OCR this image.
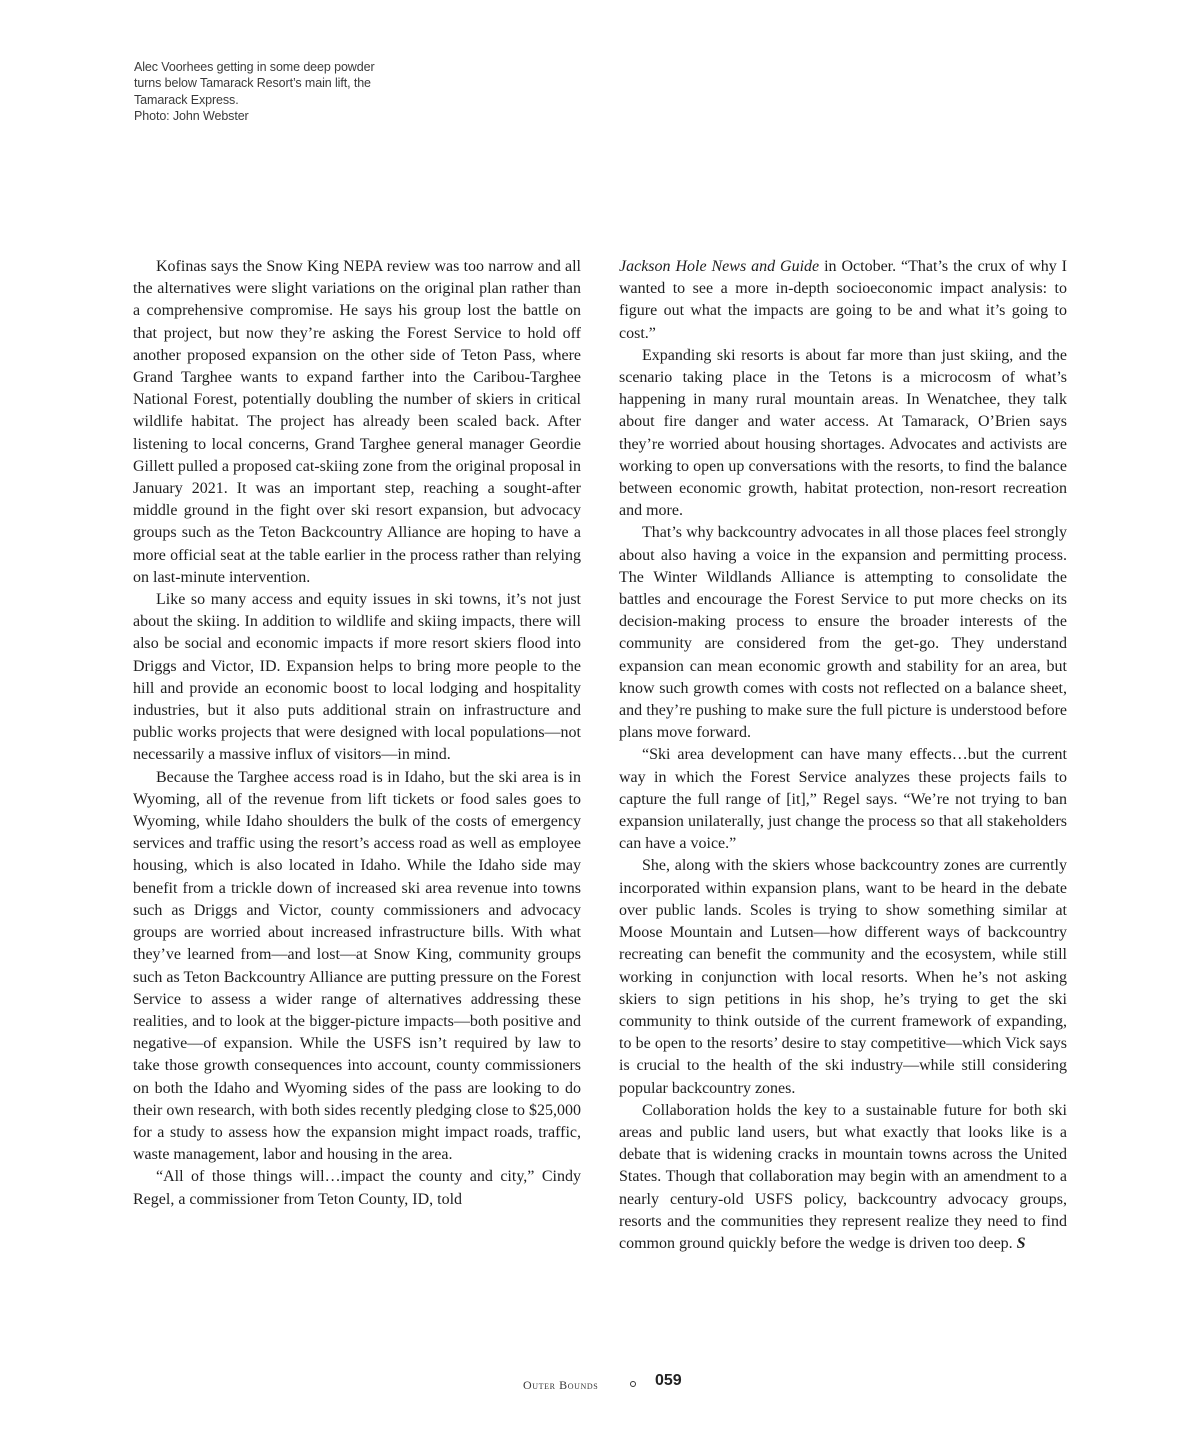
Alec Voorhees getting in some deep powder
turns below Tamarack Resort’s main lift, the
Tamarack Express.
Photo: John Webster

Kofinas says the Snow King NEPA review was too narrow and all the alternatives were slight variations on the original plan rather than a comprehensive compromise. He says his group lost the battle on that project, but now they’re asking the Forest Service to hold off another proposed expansion on the other side of Teton Pass, where Grand Targhee wants to expand farther into the Caribou-Targhee National Forest, potentially doubling the number of skiers in critical wildlife habitat. The project has already been scaled back. After listening to local concerns, Grand Targhee general manager Geordie Gillett pulled a proposed cat-skiing zone from the original proposal in January 2021. It was an important step, reaching a sought-after middle ground in the fight over ski resort expansion, but advocacy groups such as the Teton Backcountry Alliance are hoping to have a more official seat at the table earlier in the process rather than relying on last-minute intervention.

Like so many access and equity issues in ski towns, it’s not just about the skiing. In addition to wildlife and skiing impacts, there will also be social and economic impacts if more resort skiers flood into Driggs and Victor, ID. Expansion helps to bring more people to the hill and provide an economic boost to local lodging and hospitality industries, but it also puts additional strain on infrastructure and public works projects that were designed with local populations—not necessarily a massive influx of visitors—in mind.

Because the Targhee access road is in Idaho, but the ski area is in Wyoming, all of the revenue from lift tickets or food sales goes to Wyoming, while Idaho shoulders the bulk of the costs of emergency services and traffic using the resort’s access road as well as employee housing, which is also located in Idaho. While the Idaho side may benefit from a trickle down of increased ski area revenue into towns such as Driggs and Victor, county commissioners and advocacy groups are worried about increased infrastructure bills. With what they’ve learned from—and lost—at Snow King, community groups such as Teton Backcountry Alliance are putting pressure on the Forest Service to assess a wider range of alternatives addressing these realities, and to look at the bigger-picture impacts—both positive and negative—of expansion. While the USFS isn’t required by law to take those growth consequences into account, county commissioners on both the Idaho and Wyoming sides of the pass are looking to do their own research, with both sides recently pledging close to $25,000 for a study to assess how the expansion might impact roads, traffic, waste management, labor and housing in the area.

“All of those things will…impact the county and city,” Cindy Regel, a commissioner from Teton County, ID, told

Jackson Hole News and Guide in October. “That’s the crux of why I wanted to see a more in-depth socioeconomic impact analysis: to figure out what the impacts are going to be and what it’s going to cost.”

Expanding ski resorts is about far more than just skiing, and the scenario taking place in the Tetons is a microcosm of what’s happening in many rural mountain areas. In Wenatchee, they talk about fire danger and water access. At Tamarack, O’Brien says they’re worried about housing shortages. Advocates and activists are working to open up conversations with the resorts, to find the balance between economic growth, habitat protection, non-resort recreation and more.

That’s why backcountry advocates in all those places feel strongly about also having a voice in the expansion and permitting process. The Winter Wildlands Alliance is attempting to consolidate the battles and encourage the Forest Service to put more checks on its decision-making process to ensure the broader interests of the community are considered from the get-go. They understand expansion can mean economic growth and stability for an area, but know such growth comes with costs not reflected on a balance sheet, and they’re pushing to make sure the full picture is understood before plans move forward.

“Ski area development can have many effects…but the current way in which the Forest Service analyzes these projects fails to capture the full range of [it],” Regel says. “We’re not trying to ban expansion unilaterally, just change the process so that all stakeholders can have a voice.”

She, along with the skiers whose backcountry zones are currently incorporated within expansion plans, want to be heard in the debate over public lands. Scoles is trying to show something similar at Moose Mountain and Lutsen—how different ways of backcountry recreating can benefit the community and the ecosystem, while still working in conjunction with local resorts. When he’s not asking skiers to sign petitions in his shop, he’s trying to get the ski community to think outside of the current framework of expanding, to be open to the resorts’ desire to stay competitive—which Vick says is crucial to the health of the ski industry—while still considering popular backcountry zones.

Collaboration holds the key to a sustainable future for both ski areas and public land users, but what exactly that looks like is a debate that is widening cracks in mountain towns across the United States. Though that collaboration may begin with an amendment to a nearly century-old USFS policy, backcountry advocacy groups, resorts and the communities they represent realize they need to find common ground quickly before the wedge is driven too deep. S

Outer Bounds	059
